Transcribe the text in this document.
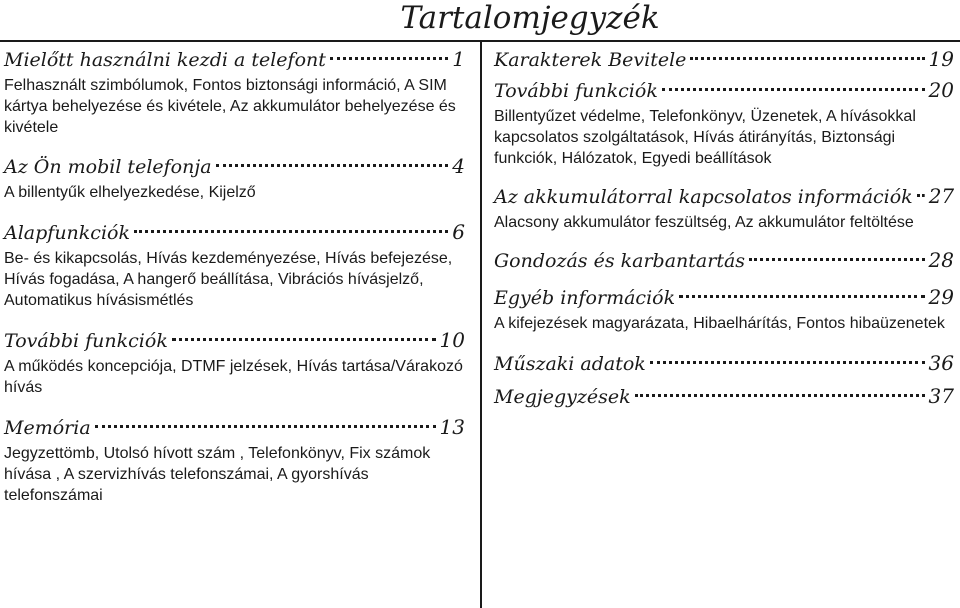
Tartalomjegyzék
Mielőtt használni kezdi a telefont	1

Felhasznált szimbólumok, Fontos biztonsági információ, A SIM kártya behelyezése és kivétele, Az akkumulátor behelyezése és kivétele

Az Ön mobil telefonja	4

A billentyűk elhelyezkedése, Kijelző

Alapfunkciók	6

Be- és kikapcsolás, Hívás kezdeményezése, Hívás befejezése, Hívás fogadása, A hangerő beállítása, Vibrációs hívásjelző, Automatikus hívásismétlés

További funkciók	10

A működés koncepciója, DTMF jelzések, Hívás tartása/Várakozó hívás

Memória	13

Jegyzettömb, Utolsó hívott szám , Telefonkönyv, Fix számok hívása , A szervizhívás telefonszámai, A gyorshívás telefonszámai

Karakterek Bevitele	19
További funkciók	20

Billentyűzet védelme, Telefonkönyv, Üzenetek, A hívásokkal kapcsolatos szolgáltatások, Hívás átirányítás, Biztonsági funkciók, Hálózatok, Egyedi beállítások

Az akkumulátorral kapcsolatos információk 27

Alacsony akkumulátor feszültség, Az akkumulátor feltöltése

Gondozás és karbantartás	28
Egyéb információk	29

A kifejezések magyarázata, Hibaelhárítás, Fontos hibaüzenetek

Műszaki adatok	36
Megjegyzések	37
